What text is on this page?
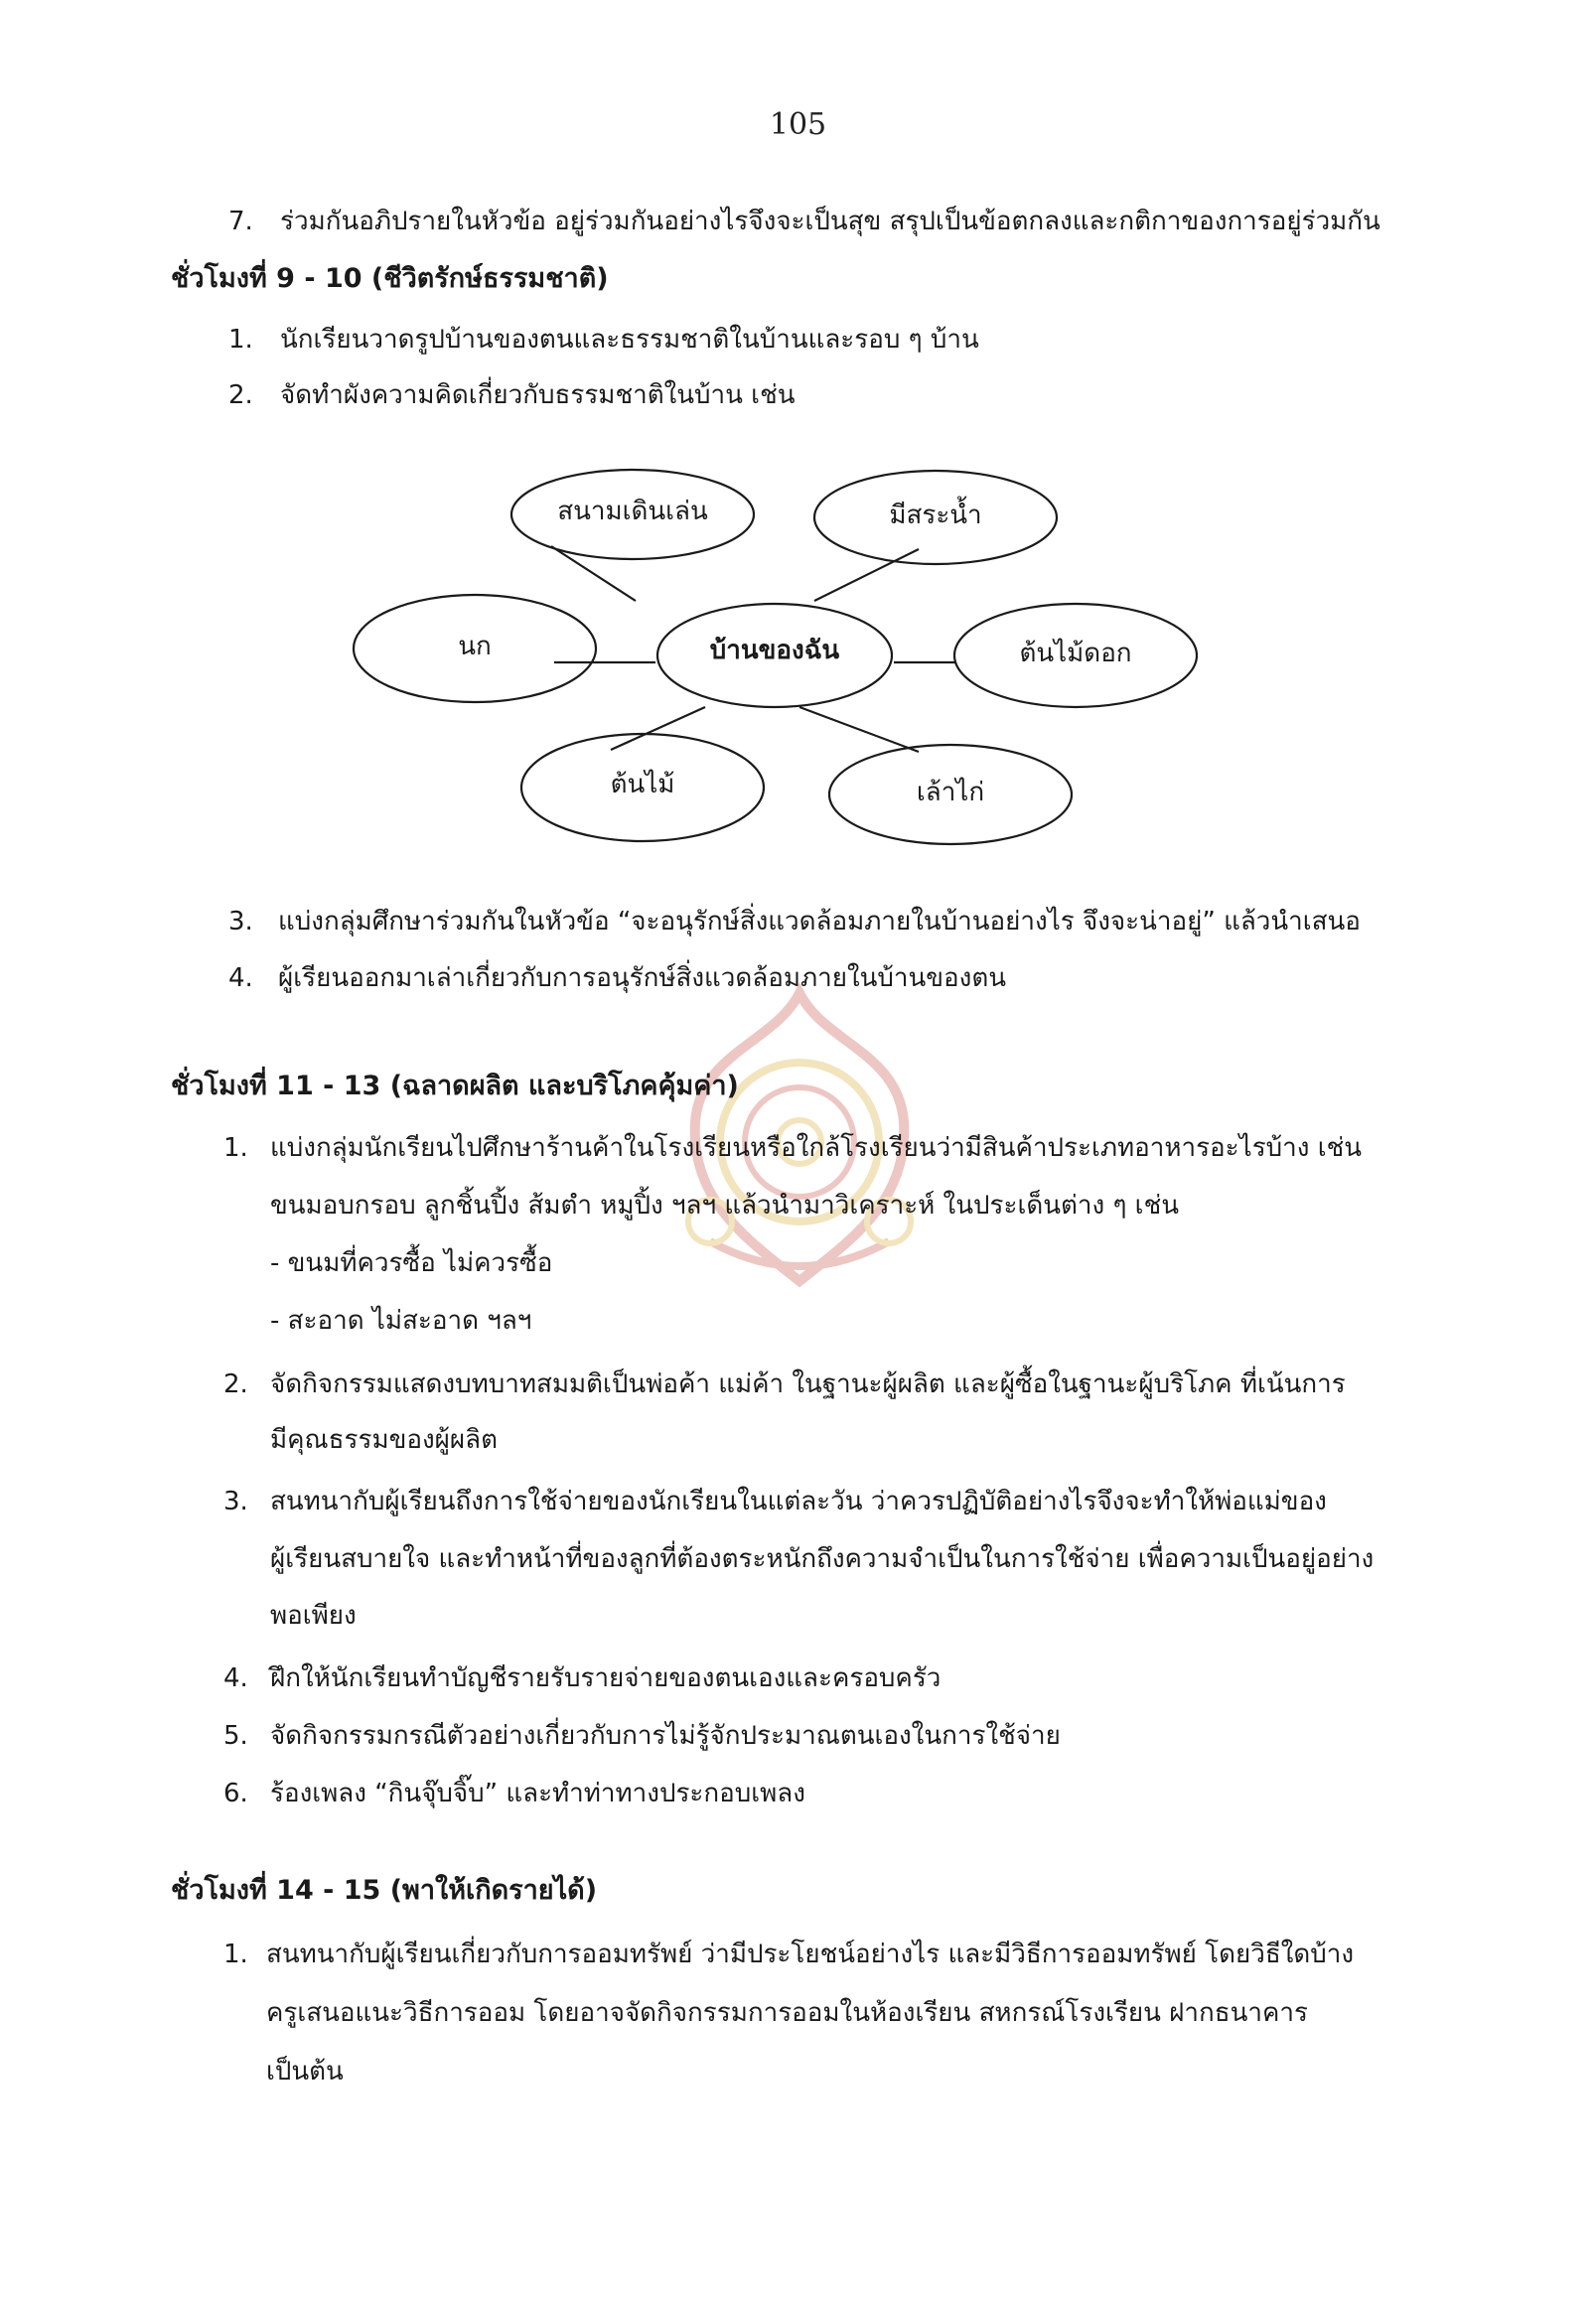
105
7. ร่วมกันอภิปรายในหัวข้อ อยู่ร่วมกันอย่างไรจึงจะเป็นสุข สรุปเป็นข้อตกลงและกติกาของการอยู่ร่วมกัน
ชั่วโมงที่ 9 - 10 (ชีวิตรักษ์ธรรมชาติ)
1. นักเรียนวาดรูปบ้านของตนและธรรมชาติในบ้านและรอบ ๆ บ้าน
2. จัดทำผังความคิดเกี่ยวกับธรรมชาติในบ้าน เช่น
บ้านของฉัน
สนามเดินเล่น	มีสระน้ำ
นก	ต้นไม้ดอก
ต้นไม้	เล้าไก่
3. แบ่งกลุ่มศึกษาร่วมกันในหัวข้อ “จะอนุรักษ์สิ่งแวดล้อมภายในบ้านอย่างไร จึงจะน่าอยู่” แล้วนำเสนอ
4. ผู้เรียนออกมาเล่าเกี่ยวกับการอนุรักษ์สิ่งแวดล้อมภายในบ้านของตน
ชั่วโมงที่ 11 - 13 (ฉลาดผลิต และบริโภคคุ้มค่า)
1. แบ่งกลุ่มนักเรียนไปศึกษาร้านค้าในโรงเรียนหรือใกล้โรงเรียนว่ามีสินค้าประเภทอาหารอะไรบ้าง เช่น
ขนมอบกรอบ ลูกชิ้นปิ้ง ส้มตำ หมูปิ้ง ฯลฯ แล้วนำมาวิเคราะห์ ในประเด็นต่าง ๆ เช่น
- ขนมที่ควรซื้อ ไม่ควรซื้อ
- สะอาด ไม่สะอาด ฯลฯ
2. จัดกิจกรรมแสดงบทบาทสมมติเป็นพ่อค้า แม่ค้า ในฐานะผู้ผลิต และผู้ซื้อในฐานะผู้บริโภค ที่เน้นการ
มีคุณธรรมของผู้ผลิต
3. สนทนากับผู้เรียนถึงการใช้จ่ายของนักเรียนในแต่ละวัน ว่าควรปฏิบัติอย่างไรจึงจะทำให้พ่อแม่ของ
ผู้เรียนสบายใจ และทำหน้าที่ของลูกที่ต้องตระหนักถึงความจำเป็นในการใช้จ่าย เพื่อความเป็นอยู่อย่าง
พอเพียง
4. ฝึกให้นักเรียนทำบัญชีรายรับรายจ่ายของตนเองและครอบครัว
5. จัดกิจกรรมกรณีตัวอย่างเกี่ยวกับการไม่รู้จักประมาณตนเองในการใช้จ่าย
6. ร้องเพลง “กินจุ๊บจิ๊บ” และทำท่าทางประกอบเพลง
ชั่วโมงที่ 14 - 15 (พาให้เกิดรายได้)
1. สนทนากับผู้เรียนเกี่ยวกับการออมทรัพย์ ว่ามีประโยชน์อย่างไร และมีวิธีการออมทรัพย์ โดยวิธีใดบ้าง
ครูเสนอแนะวิธีการออม โดยอาจจัดกิจกรรมการออมในห้องเรียน สหกรณ์โรงเรียน ฝากธนาคาร
เป็นต้น
